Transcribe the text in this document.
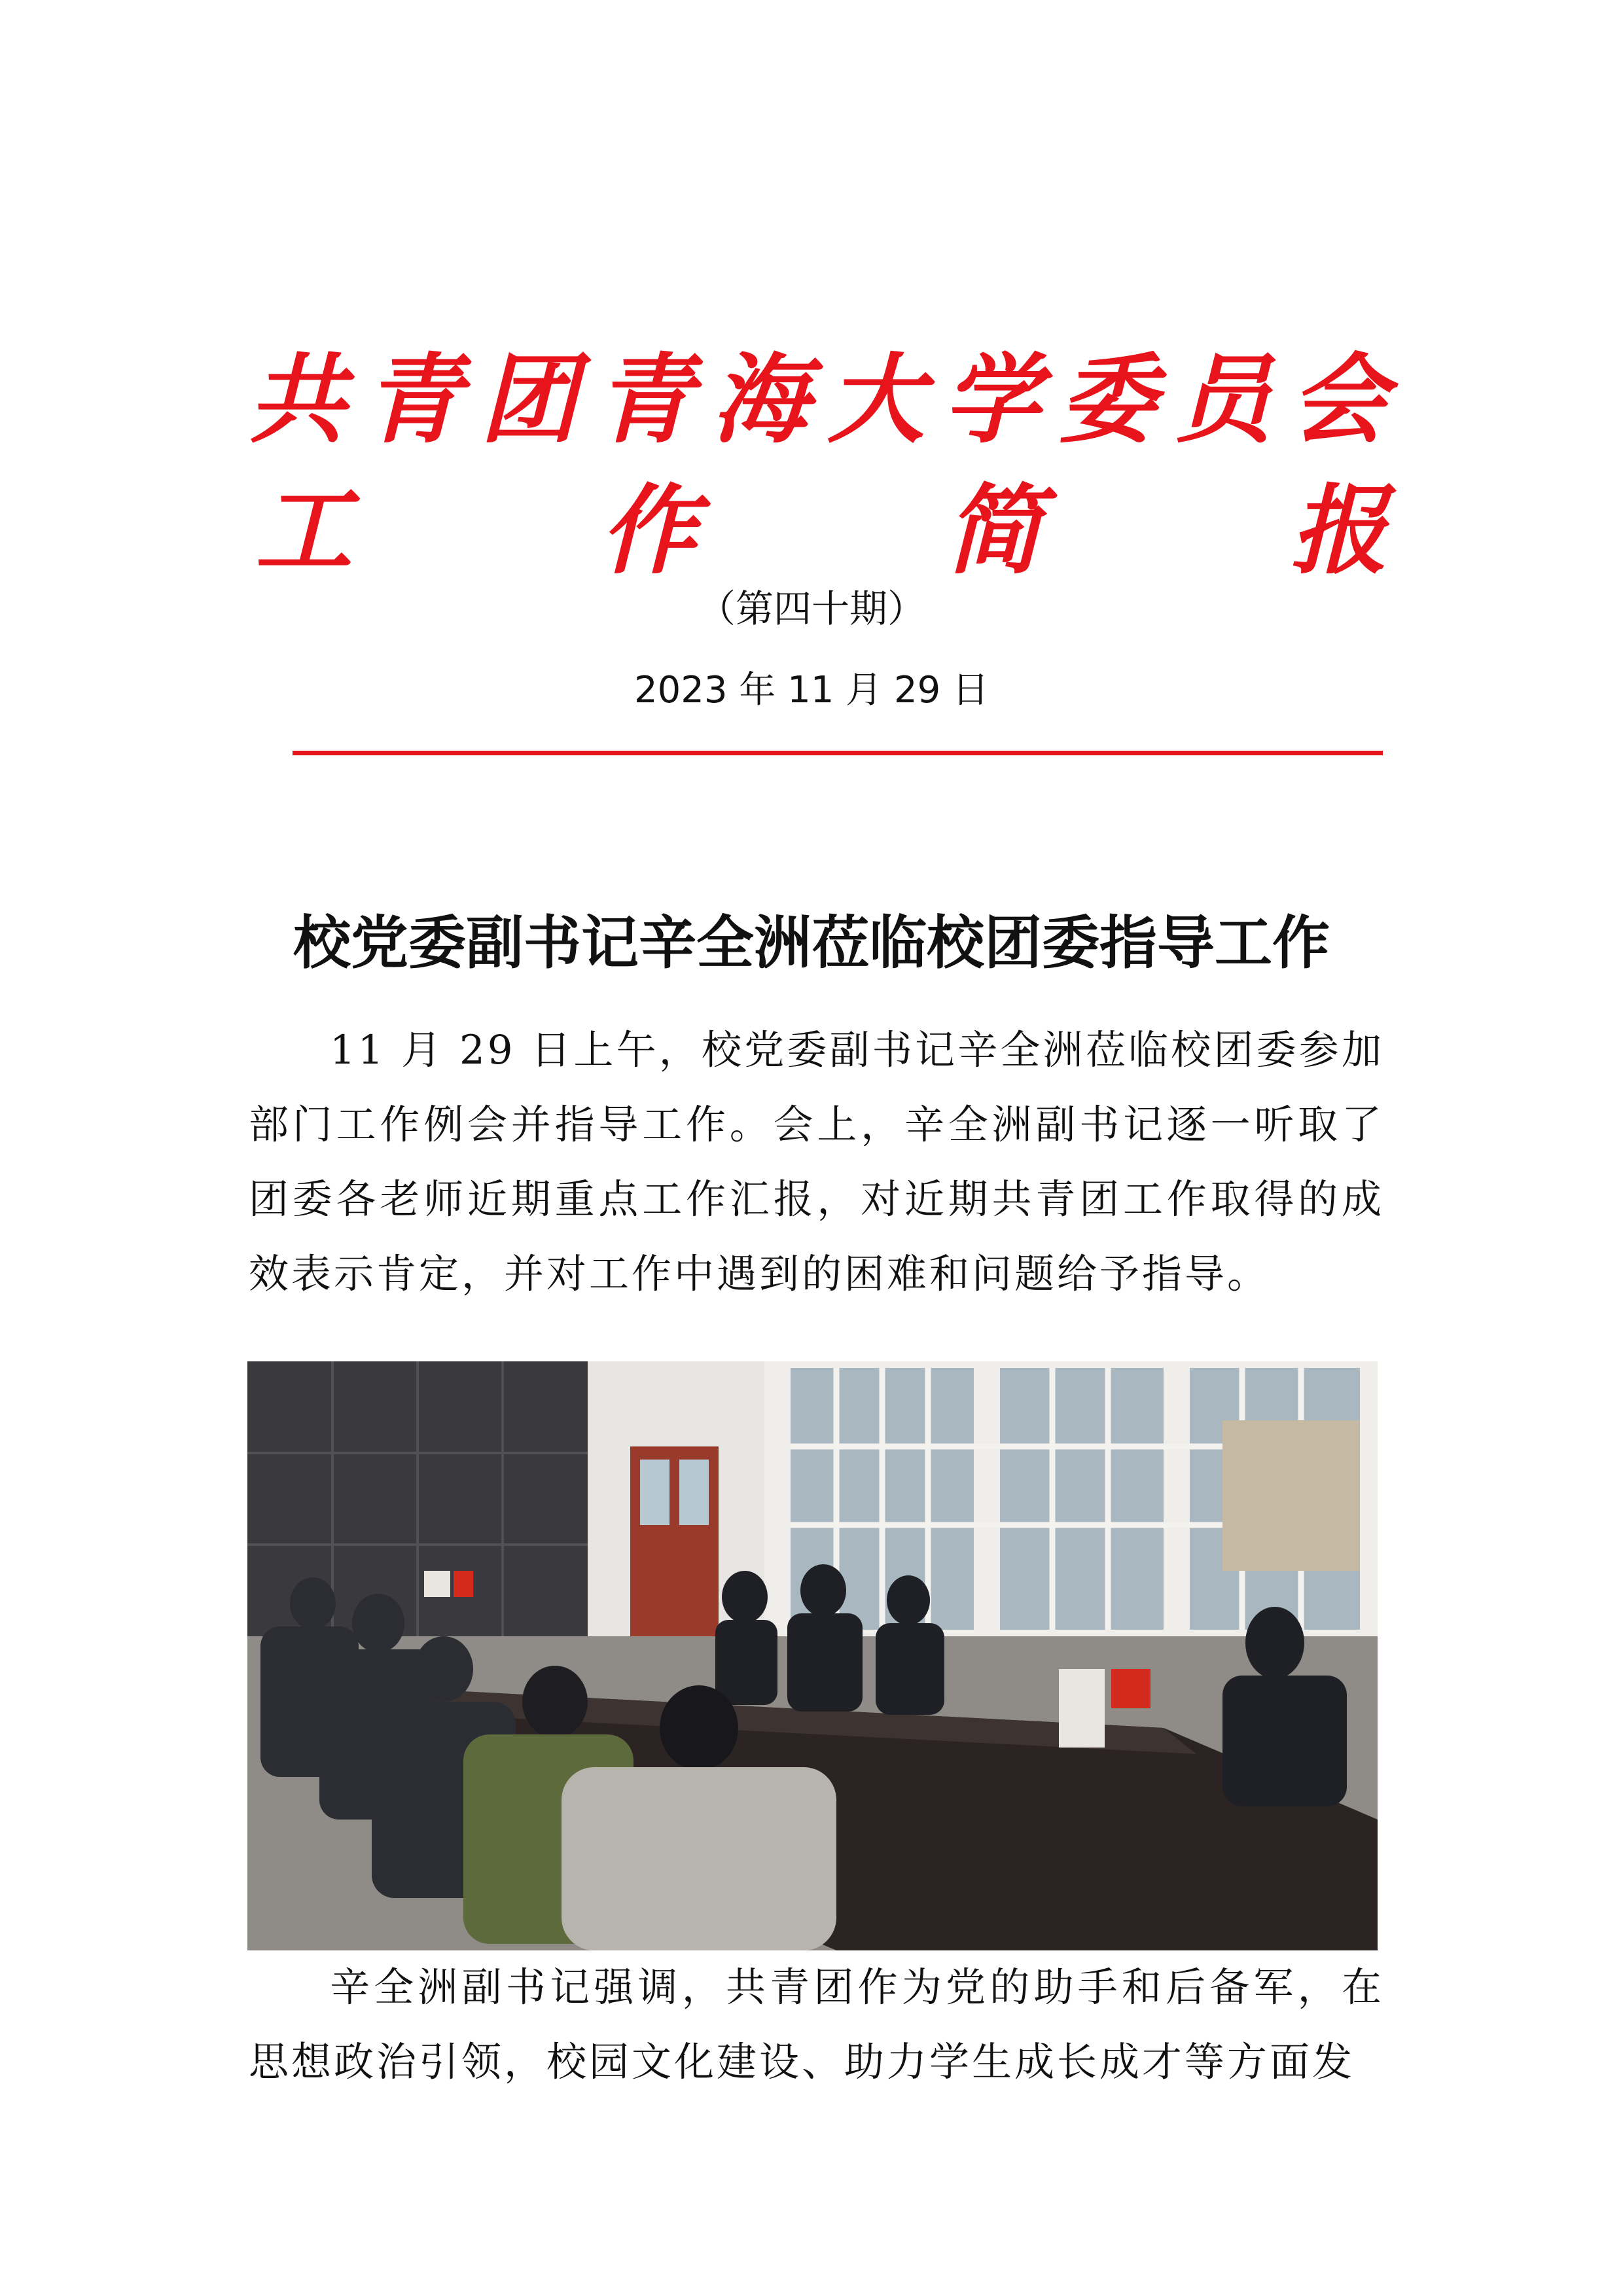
共 青 团 青 海 大 学 委 员 会
工	作	简	报
（第四十期）
2023 年 11 月 29 日
校党委副书记辛全洲莅临校团委指导工作

11 月 29 日上午，校党委副书记辛全洲莅临校团委参加部门工作例会并指导工作。会上，辛全洲副书记逐一听取了团委各老师近期重点工作汇报，对近期共青团工作取得的成效表示肯定，并对工作中遇到的困难和问题给予指导。

辛全洲副书记强调，共青团作为党的助手和后备军，在思想政治引领，校园文化建设、助力学生成长成才等方面发
